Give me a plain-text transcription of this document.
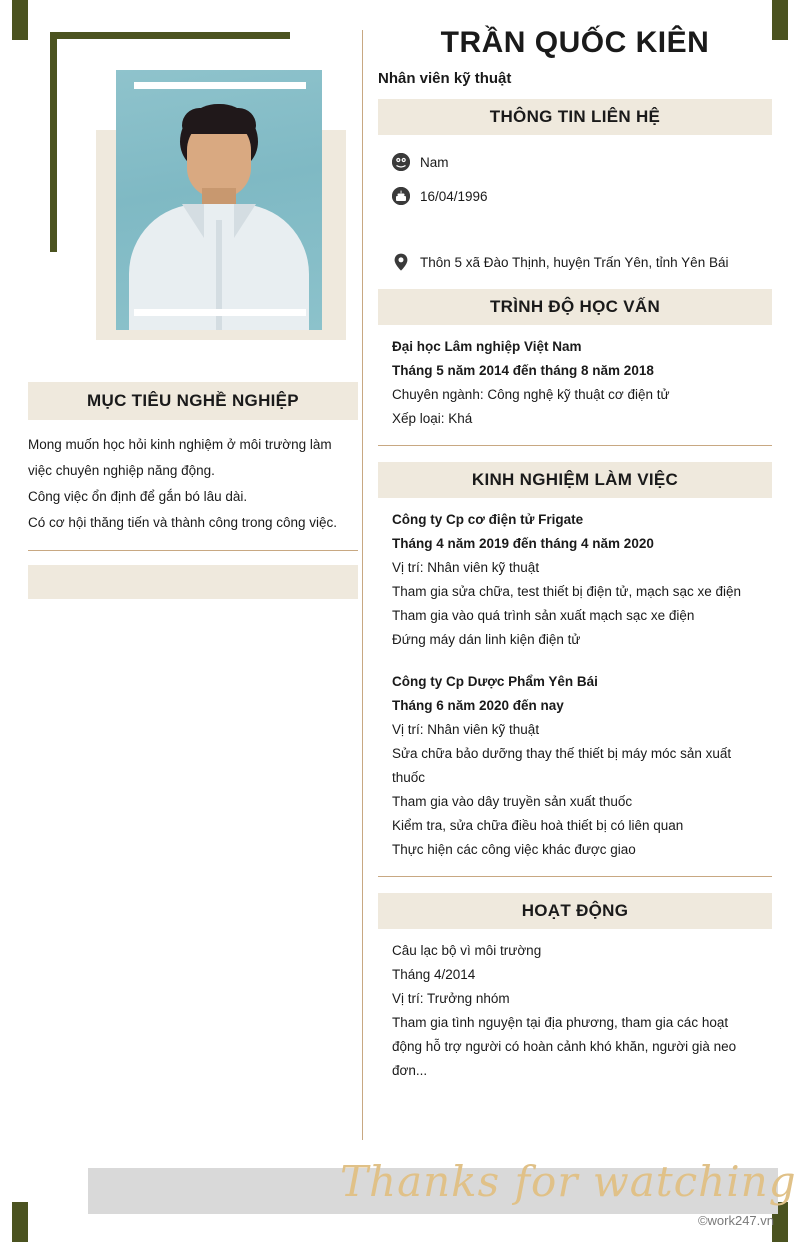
MỤC TIÊU NGHỀ NGHIỆP
Mong muốn học hỏi kinh nghiệm ở môi trường làm
việc chuyên nghiệp năng động.
Công việc ổn định để gắn bó lâu dài.
Có cơ hội thăng tiến và thành công trong công việc.
TRẦN QUỐC KIÊN
Nhân viên kỹ thuật
THÔNG TIN LIÊN HỆ
Nam
16/04/1996
Thôn 5 xã Đào Thịnh, huyện Trấn Yên, tỉnh Yên Bái
TRÌNH ĐỘ HỌC VẤN
Đại học Lâm nghiệp Việt Nam
Tháng 5 năm 2014 đến tháng 8 năm 2018
Chuyên ngành: Công nghệ kỹ thuật cơ điện tử
Xếp loại: Khá
KINH NGHIỆM LÀM VIỆC
Công ty Cp cơ điện tử Frigate
Tháng 4 năm 2019 đến tháng 4 năm 2020
Vị trí: Nhân viên kỹ thuật
Tham gia sửa chữa, test thiết bị điện tử, mạch sạc xe điện
Tham gia vào quá trình sản xuất mạch sạc xe điện
Đứng máy dán linh kiện điện tử
Công ty Cp Dược Phẩm Yên Bái
Tháng 6 năm 2020 đến nay
Vị trí: Nhân viên kỹ thuật
Sửa chữa bảo dưỡng thay thế thiết bị máy móc sản xuất
thuốc
Tham gia vào dây truyền sản xuất thuốc
Kiểm tra, sửa chữa điều hoà thiết bị có liên quan
Thực hiện các công việc khác được giao
HOẠT ĐỘNG
Câu lạc bộ vì môi trường
Tháng 4/2014
Vị trí: Trưởng nhóm
Tham gia tình nguyện tại địa phương, tham gia các hoạt
động hỗ trợ người có hoàn cảnh khó khăn, người già neo
đơn...
Thanks for watching
©work247.vn
